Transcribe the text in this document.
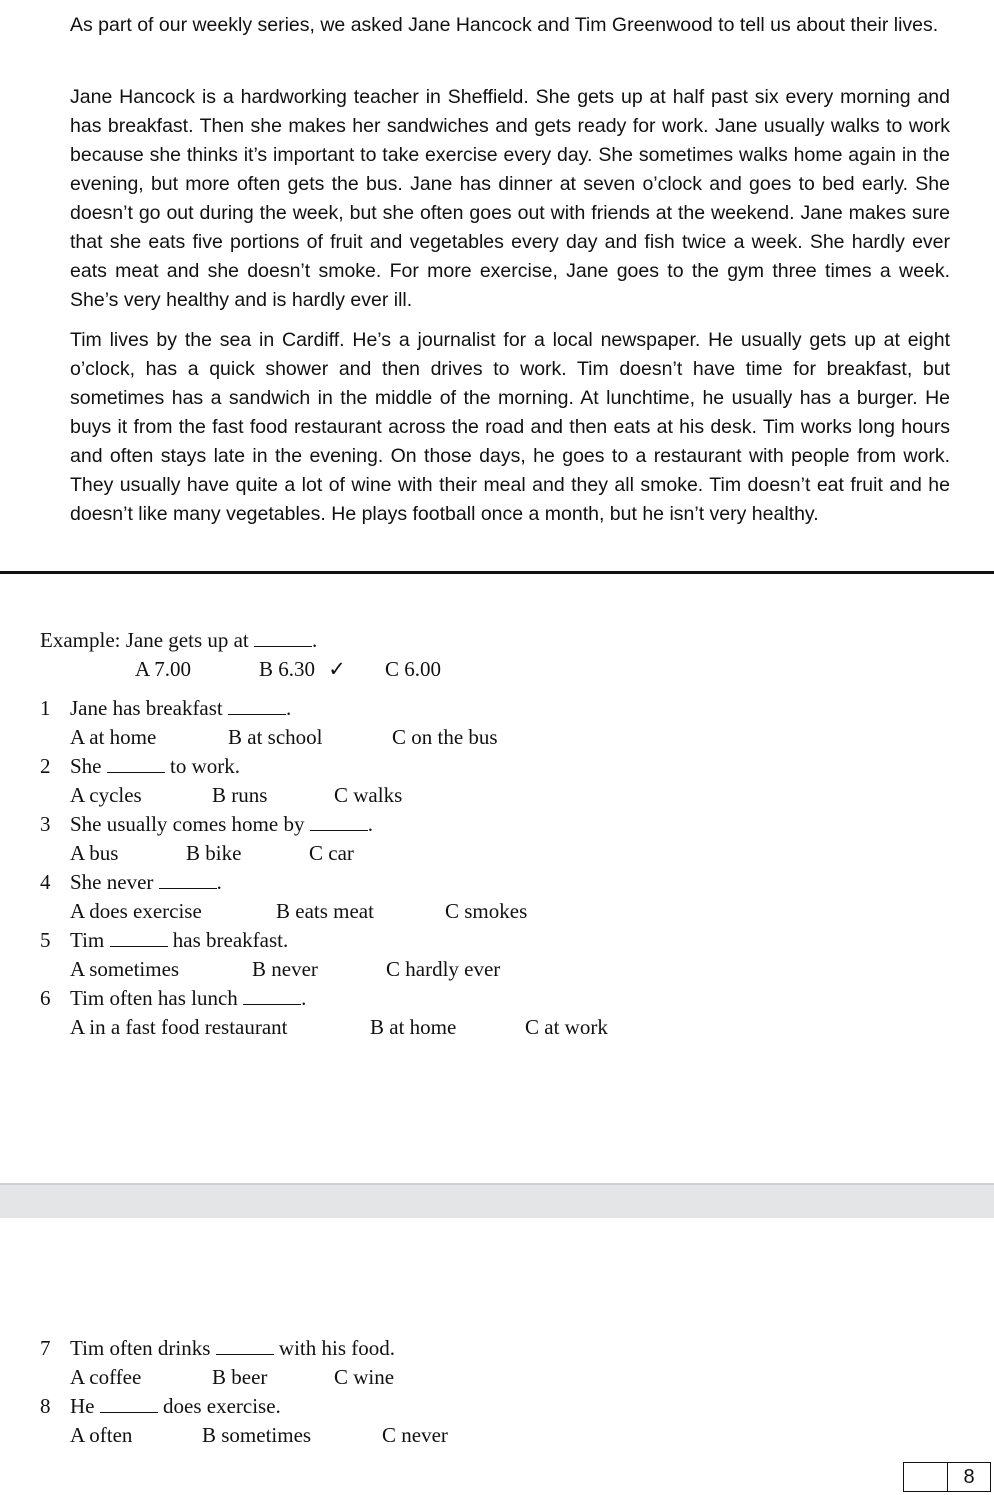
As part of our weekly series, we asked Jane Hancock and Tim Greenwood to tell us about their lives.

Jane Hancock is a hardworking teacher in Sheffield. She gets up at half past six every morning and has breakfast. Then she makes her sandwiches and gets ready for work. Jane usually walks to work because she thinks it’s important to take exercise every day. She sometimes walks home again in the evening, but more often gets the bus. Jane has dinner at seven o’clock and goes to bed early. She doesn’t go out during the week, but she often goes out with friends at the weekend. Jane makes sure that she eats five portions of fruit and vegetables every day and fish twice a week. She hardly ever eats meat and she doesn’t smoke. For more exercise, Jane goes to the gym three times a week. She’s very healthy and is hardly ever ill.

Tim lives by the sea in Cardiff. He’s a journalist for a local newspaper. He usually gets up at eight o’clock, has a quick shower and then drives to work. Tim doesn’t have time for breakfast, but sometimes has a sandwich in the middle of the morning. At lunchtime, he usually has a burger. He buys it from the fast food restaurant across the road and then eats at his desk. Tim works long hours and often stays late in the evening. On those days, he goes to a restaurant with people from work. They usually have quite a lot of wine with their meal and they all smoke. Tim doesn’t eat fruit and he doesn’t like many vegetables. He plays football once a month, but he isn’t very healthy.

Example: Jane gets up at	.
A 7.00	B 6.30 ✓ C 6.00
1 Jane has breakfast	.
A at home	B at school	C on the bus
2 She	to work.
A cycles	B runs	C walks
3 She usually comes home by	.
A bus	B bike	C car
4 She never	.
A does exercise	B eats meat	C smokes
5 Tim	has breakfast.
A sometimes	B never	C hardly ever
6 Tim often has lunch	.
A in a fast food restaurant	B at home	C at work
7 Tim often drinks	with his food.
A coffee	B beer	C wine
8 He	does exercise.
A often	B sometimes	C never
8
